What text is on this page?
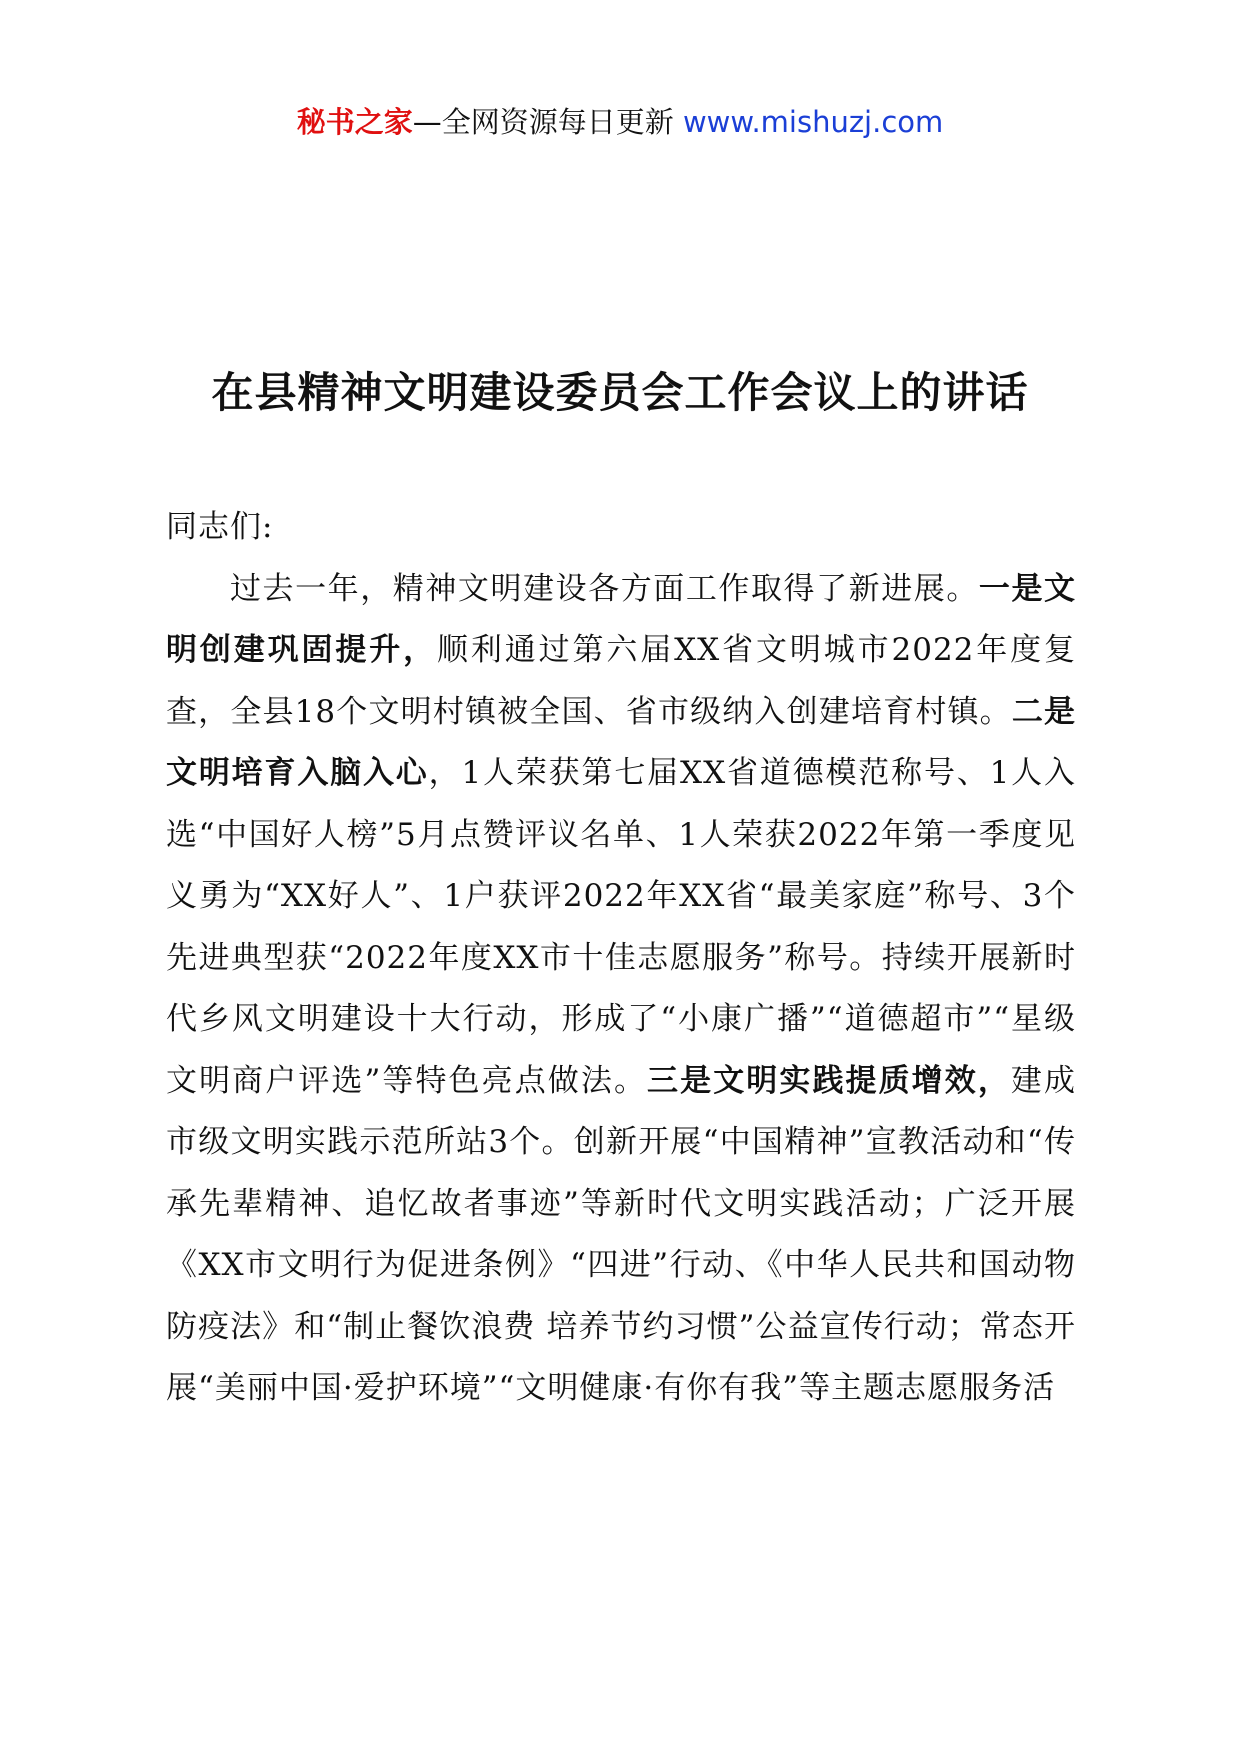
秘书之家—全网资源每日更新 www.mishuzj.com
在县精神文明建设委员会工作会议上的讲话

同志们:

过去一年，精神文明建设各方面工作取得了新进展。一是文明创建巩固提升，顺利通过第六届XX省文明城市2022年度复查，全县18个文明村镇被全国、省市级纳入创建培育村镇。二是文明培育入脑入心，1人荣获第七届XX省道德模范称号、1人入选“中国好人榜”5月点赞评议名单、1人荣获2022年第一季度见义勇为“XX好人”、1户获评2022年XX省“最美家庭”称号、3个先进典型获“2022年度XX市十佳志愿服务”称号。持续开展新时代乡风文明建设十大行动，形成了“小康广播”“道德超市”“星级文明商户评选”等特色亮点做法。三是文明实践提质增效，建成市级文明实践示范所站3个。创新开展“中国精神”宣教活动和“传承先辈精神、追忆故者事迹”等新时代文明实践活动；广泛开展《XX市文明行为促进条例》“四进”行动、《中华人民共和国动物防疫法》和“制止餐饮浪费 培养节约习惯”公益宣传行动；常态开展“美丽中国·爱护环境”“文明健康·有你有我”等主题志愿服务活
